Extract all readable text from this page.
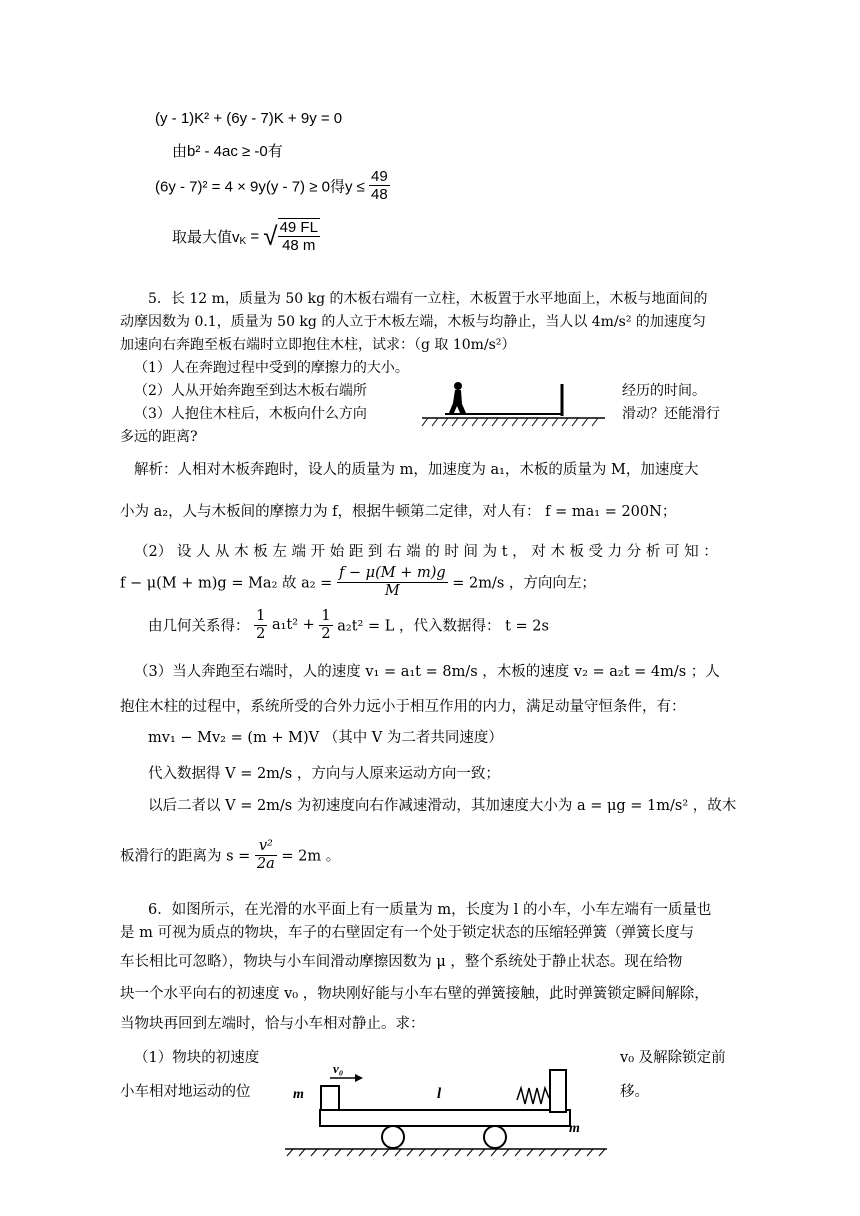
(y - 1)K² + (6y - 7)K + 9y = 0
由b² - 4ac ≥ -0有
(6y - 7)² = 4 × 9y(y - 7) ≥ 0得$y \le \frac{49}{48}$
取最大值$v_K$ = √ $\frac{49 FL}{48 m}$
5．长 12 m，质量为 50 kg 的木板右端有一立柱，木板置于水平地面上，木板与地面间的
动摩因数为 0.1，质量为 50 kg 的人立于木板左端，木板与均静止，当人以 4m/s² 的加速度匀
加速向右奔跑至板右端时立即抱住木柱，试求：（g 取 10m/s²）
（1）人在奔跑过程中受到的摩擦力的大小。
（2）人从开始奔跑至到达木板右端所	经历的时间。
（3）人抱住木柱后，木板向什么方向	滑动？还能滑行
多远的距离?
解析：人相对木板奔跑时，设人的质量为 m，加速度为 a₁，木板的质量为 M，加速度大
小为 a₂，人与木板间的摩擦力为 f，根据牛顿第二定律，对人有： f = ma₁ = 200N；
（2） 设 人 从 木 板 左 端 开 始 距 到 右 端 的 时 间 为 t ， 对 木 板 受 力 分 析 可 知 ：
f − μ(M + m)g = Ma₂ 故 $a_2 = \frac{f - \mu(M + m)g}{M} = 2m/s$ ，方向向左；
由几何关系得： $\frac{1}{2} a_1t^2 + \frac{1}{2} a_2t^2 = L$ ，代入数据得： t = 2s
（3）当人奔跑至右端时，人的速度 v₁ = a₁t = 8m/s ，木板的速度 v₂ = a₂t = 4m/s ；人
抱住木柱的过程中，系统所受的合外力远小于相互作用的内力，满足动量守恒条件，有：
mv₁ − Mv₂ = (m + M)V （其中 V 为二者共同速度）
代入数据得 V = 2m/s ，方向与人原来运动方向一致；
以后二者以 V = 2m/s 为初速度向右作减速滑动，其加速度大小为 a = μg = 1m/s² ，故木
板滑行的距离为 $s = \frac{\text{v²}}{2a} = 2m$ 。
6．如图所示，在光滑的水平面上有一质量为 m，长度为 l 的小车，小车左端有一质量也
是 m 可视为质点的物块，车子的右壁固定有一个处于锁定状态的压缩轻弹簧（弹簧长度与
车长相比可忽略），物块与小车间滑动摩擦因数为 μ ，整个系统处于静止状态。现在给物
块一个水平向右的初速度 v₀ ，物块刚好能与小车右壁的弹簧接触，此时弹簧锁定瞬间解除，
当物块再回到左端时，恰与小车相对静止。求：
（1）物块的初速度	v₀ 及解除锁定前
小车相对地运动的位	移。
m
v₀
l
m
